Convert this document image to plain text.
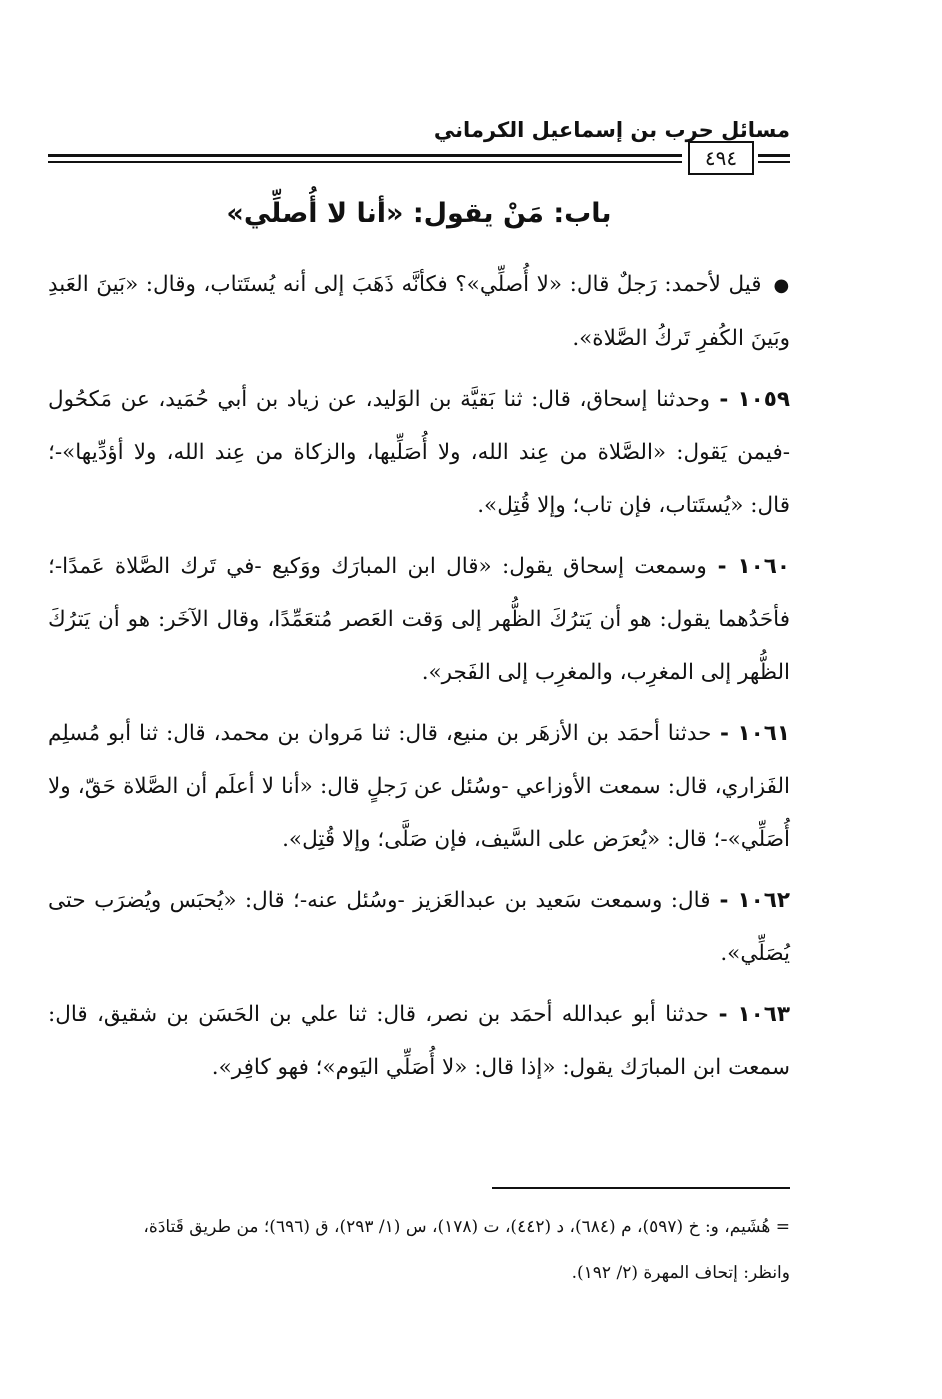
٤٩٤
مسائل حرب بن إسماعيل الكرماني
باب: مَنْ يقول: «أنا لا أُصلِّي»

●قيل لأحمد: رَجلٌ قال: «لا أُصلِّي»؟ فكأنَّه ذَهَبَ إلى أنه يُستَتاب، وقال: «بَينَ العَبدِ وبَينَ الكُفرِ تَركُ الصَّلاة».

١٠٥٩ - وحدثنا إسحاق، قال: ثنا بَقيَّة بن الوَليد، عن زياد بن أبي حُمَيد، عن مَكحُول -فيمن يَقول: «الصَّلاة من عِند الله، ولا أُصَلِّيها، والزكاة من عِند الله، ولا أؤدِّيها»-؛ قال: «يُستَتاب، فإن تاب؛ وإلا قُتِل».

١٠٦٠ - وسمعت إسحاق يقول: «قال ابن المبارَك ووَكيع -في تَرك الصَّلاة عَمدًا-؛ فأحَدُهما يقول: هو أن يَترُكَ الظُّهر إلى وَقت العَصر مُتعَمِّدًا، وقال الآخَر: هو أن يَترُكَ الظُّهر إلى المغرِب، والمغرِب إلى الفَجر».

١٠٦١ - حدثنا أحمَد بن الأزهَر بن منيع، قال: ثنا مَروان بن محمد، قال: ثنا أبو مُسلِم الفَزاري، قال: سمعت الأوزاعي -وسُئل عن رَجلٍ قال: «أنا لا أعلَم أن الصَّلاة حَقّ، ولا أُصَلِّي»-؛ قال: «يُعرَض على السَّيف، فإن صَلَّى؛ وإلا قُتِل».

١٠٦٢ - قال: وسمعت سَعيد بن عبدالعَزيز -وسُئل عنه-؛ قال: «يُحبَس ويُضرَب حتى يُصَلِّي».

١٠٦٣ - حدثنا أبو عبدالله أحمَد بن نصر، قال: ثنا علي بن الحَسَن بن شقيق، قال: سمعت ابن المبارَك يقول: «إذا قال: «لا أُصَلِّي اليَوم»؛ فهو كافِر».

= هُشَيم، و: خ (٥٩٧)، م (٦٨٤)، د (٤٤٢)، ت (١٧٨)، س (١/ ٢٩٣)، ق (٦٩٦)؛ من طريق قَتادَة،

وانظر: إتحاف المهرة (٢/ ١٩٢).
